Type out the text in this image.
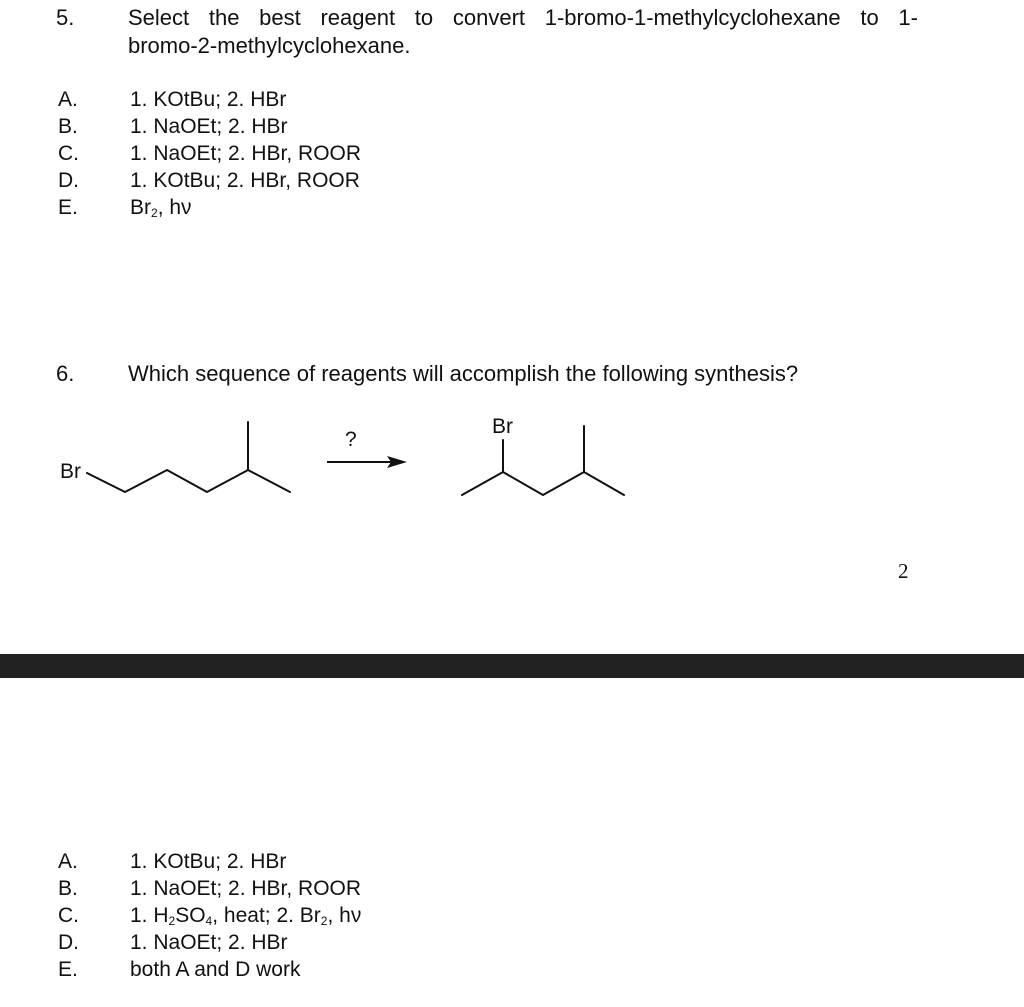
5. Select the best reagent to convert 1-bromo-1-methylcyclohexane to 1-
bromo-2-methylcyclohexane.
A.	1. KOtBu; 2. HBr
B.	1. NaOEt; 2. HBr
C.	1. NaOEt; 2. HBr, ROOR
D.	1. KOtBu; 2. HBr, ROOR
E.	$Br_2$, hν
6. Which sequence of reagents will accomplish the following synthesis?
Br
?
Br
2
A.	1. KOtBu; 2. HBr
B.	1. NaOEt; 2. HBr, ROOR
C.	1. $H_2SO_4$, heat; 2. $Br_2$, hν
D.	1. NaOEt; 2. HBr
E.	both A and D work
